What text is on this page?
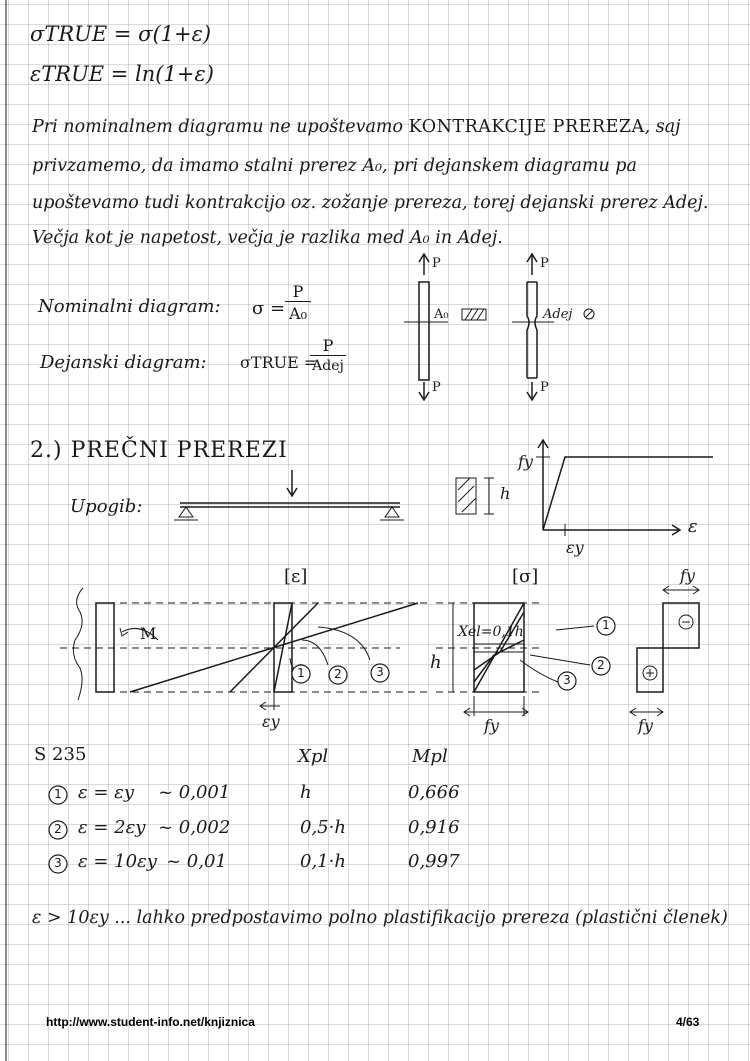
σTRUE = σ(1+ε)
εTRUE = ln(1+ε)
Pri nominalnem diagramu ne upoštevamo KONTRAKCIJE PREREZA, saj
privzamemo, da imamo stalni prerez A₀, pri dejanskem diagramu pa
upoštevamo tudi kontrakcijo oz. zožanje prereza, torej dejanski prerez Adej.
Večja kot je napetost, večja je razlika med A₀ in Adej.
Nominalni diagram: σ =
P
A₀
Dejanski diagram: σTRUE =
P
Adej
P
P
A₀
P
P
Adej
2.) PREČNI PREREZI
Upogib:
h
fy
ε
εy
[ε]	[σ]
M
εy
Xel=0,1h
h
fy
fy
fy
1	2	3
1
2
3
S 235	Xpl	Mpl
1 ε = εy ~ 0,001	h	0,666
2 ε = 2εy ~ 0,002	0,5·h	0,916
3 ε = 10εy ~ 0,01	0,1·h	0,997
ε > 10εy ... lahko predpostavimo polno plastifikacijo prereza (plastični členek)
http://www.student-info.net/knjiznica	4/63
